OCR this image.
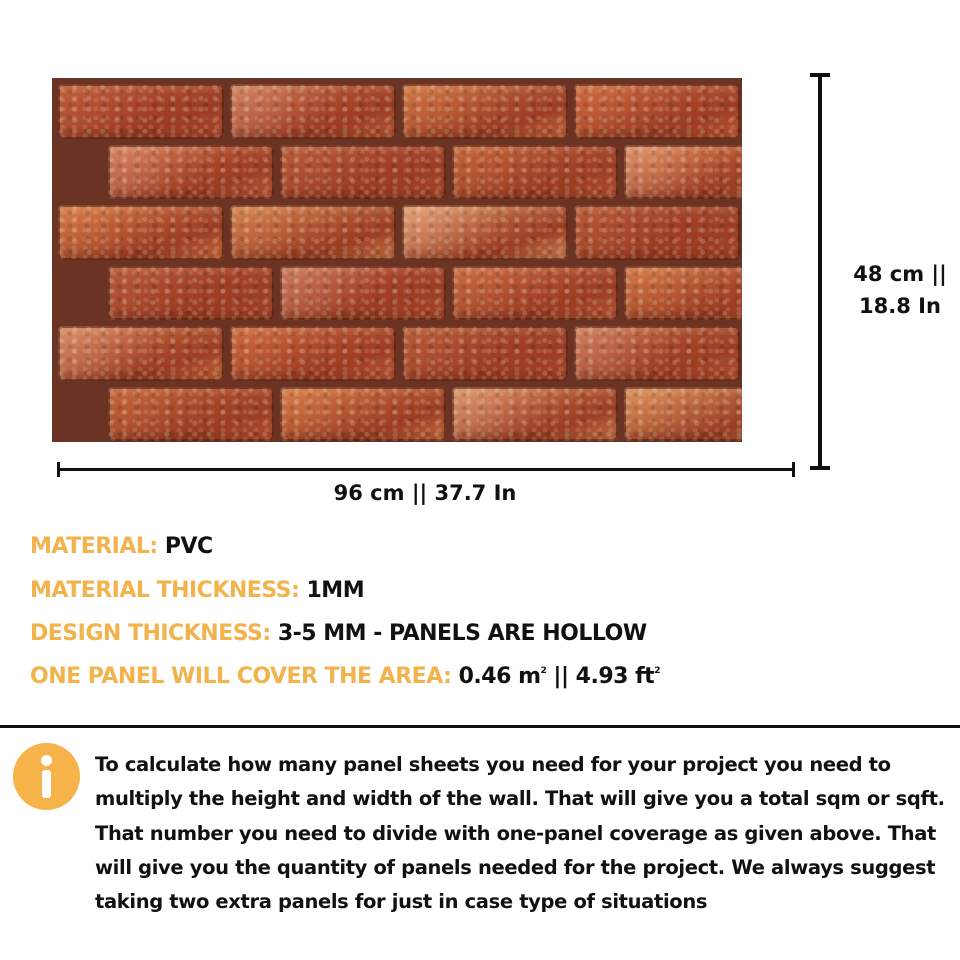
48 cm ||
18.8 In
96 cm || 37.7 In
MATERIAL: PVC
MATERIAL THICKNESS: 1MM
DESIGN THICKNESS: 3-5 MM - PANELS ARE HOLLOW
ONE PANEL WILL COVER THE AREA: 0.46 $m^2$ || 4.93 $ft^2$
To calculate how many panel sheets you need for your project you need to multiply the height and width of the wall. That will give you a total sqm or sqft. That number you need to divide with one-panel coverage as given above. That will give you the quantity of panels needed for the project. We always suggest taking two extra panels for just in case type of situations
